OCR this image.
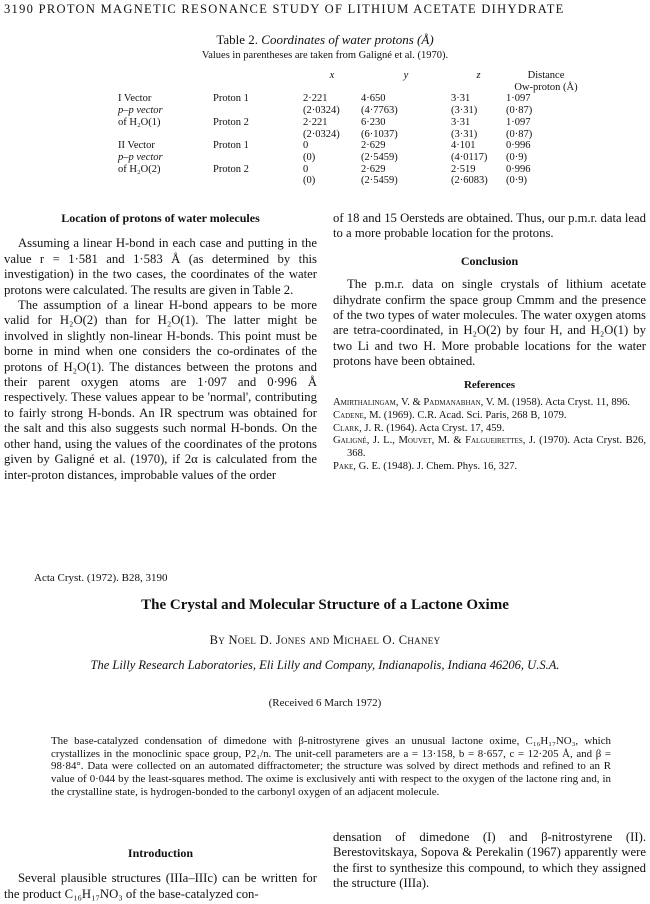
3190 PROTON MAGNETIC RESONANCE STUDY OF LITHIUM ACETATE DIHYDRATE
Table 2. Coordinates of water protons (Å)
Values in parentheses are taken from Galigné et al. (1970).
		x	y	z	Distance
Ow-proton (Å)

I Vector	Proton 1	2·221	4·650	3·31	1·097
p–p vector		(2·0324)	(4·7763)	(3·31)	(0·87)
of H₂O(1)	Proton 2	2·221	6·230	3·31	1·097
		(2·0324)	(6·1037)	(3·31)	(0·87)
II Vector	Proton 1	0	2·629	4·101	0·996
p–p vector		(0)	(2·5459)	(4·0117)	(0·9)
of H₂O(2)	Proton 2	0	2·629	2·519	0·996
		(0)	(2·5459)	(2·6083)	(0·9)
Location of protons of water molecules

Assuming a linear H-bond in each case and putting in the value r = 1·581 and 1·583 Å (as determined by this investigation) in the two cases, the coordinates of the water protons were calculated. The results are given in Table 2.

The assumption of a linear H-bond appears to be more valid for H₂O(2) than for H₂O(1). The latter might be involved in slightly non-linear H-bonds. This point must be borne in mind when one considers the co-ordinates of the protons of H₂O(1). The distances between the protons and their parent oxygen atoms are 1·097 and 0·996 Å respectively. These values appear to be 'normal', contributing to fairly strong H-bonds. An IR spectrum was obtained for the salt and this also suggests such normal H-bonds. On the other hand, using the values of the coordinates of the protons given by Galigné et al. (1970), if 2α is calculated from the inter-proton distances, improbable values of the order

of 18 and 15 Oersteds are obtained. Thus, our p.m.r. data lead to a more probable location for the protons.

Conclusion

The p.m.r. data on single crystals of lithium acetate dihydrate confirm the space group Cmmm and the presence of the two types of water molecules. The water oxygen atoms are tetra-coordinated, in H₂O(2) by four H, and H₂O(1) by two Li and two H. More probable locations for the water protons have been obtained.

References
Amirthalingam, V. & Padmanabhan, V. M. (1958). Acta Cryst. 11, 896.
Cadene, M. (1969). C.R. Acad. Sci. Paris, 268 B, 1079.
Clark, J. R. (1964). Acta Cryst. 17, 459.
Galigné, J. L., Mouvet, M. & Falgueirettes, J. (1970). Acta Cryst. B26, 368.
Pake, G. E. (1948). J. Chem. Phys. 16, 327.
Acta Cryst. (1972). B28, 3190
The Crystal and Molecular Structure of a Lactone Oxime
By Noel D. Jones and Michael O. Chaney
The Lilly Research Laboratories, Eli Lilly and Company, Indianapolis, Indiana 46206, U.S.A.
(Received 6 March 1972)
The base-catalyzed condensation of dimedone with β-nitrostyrene gives an unusual lactone oxime, C₁₆H₁₇NO₃, which crystallizes in the monoclinic space group, P2₁/n. The unit-cell parameters are a = 13·158, b = 8·657, c = 12·205 Å, and β = 98·84°. Data were collected on an automated diffractometer; the structure was solved by direct methods and refined to an R value of 0·044 by the least-squares method. The oxime is exclusively anti with respect to the oxygen of the lactone ring and, in the crystalline state, is hydrogen-bonded to the carbonyl oxygen of an adjacent molecule.
Introduction

Several plausible structures (IIIa–IIIc) can be written for the product C₁₆H₁₇NO₃ of the base-catalyzed con-

densation of dimedone (I) and β-nitrostyrene (II). Berestovitskaya, Sopova & Perekalin (1967) apparently were the first to synthesize this compound, to which they assigned the structure (IIIa).
